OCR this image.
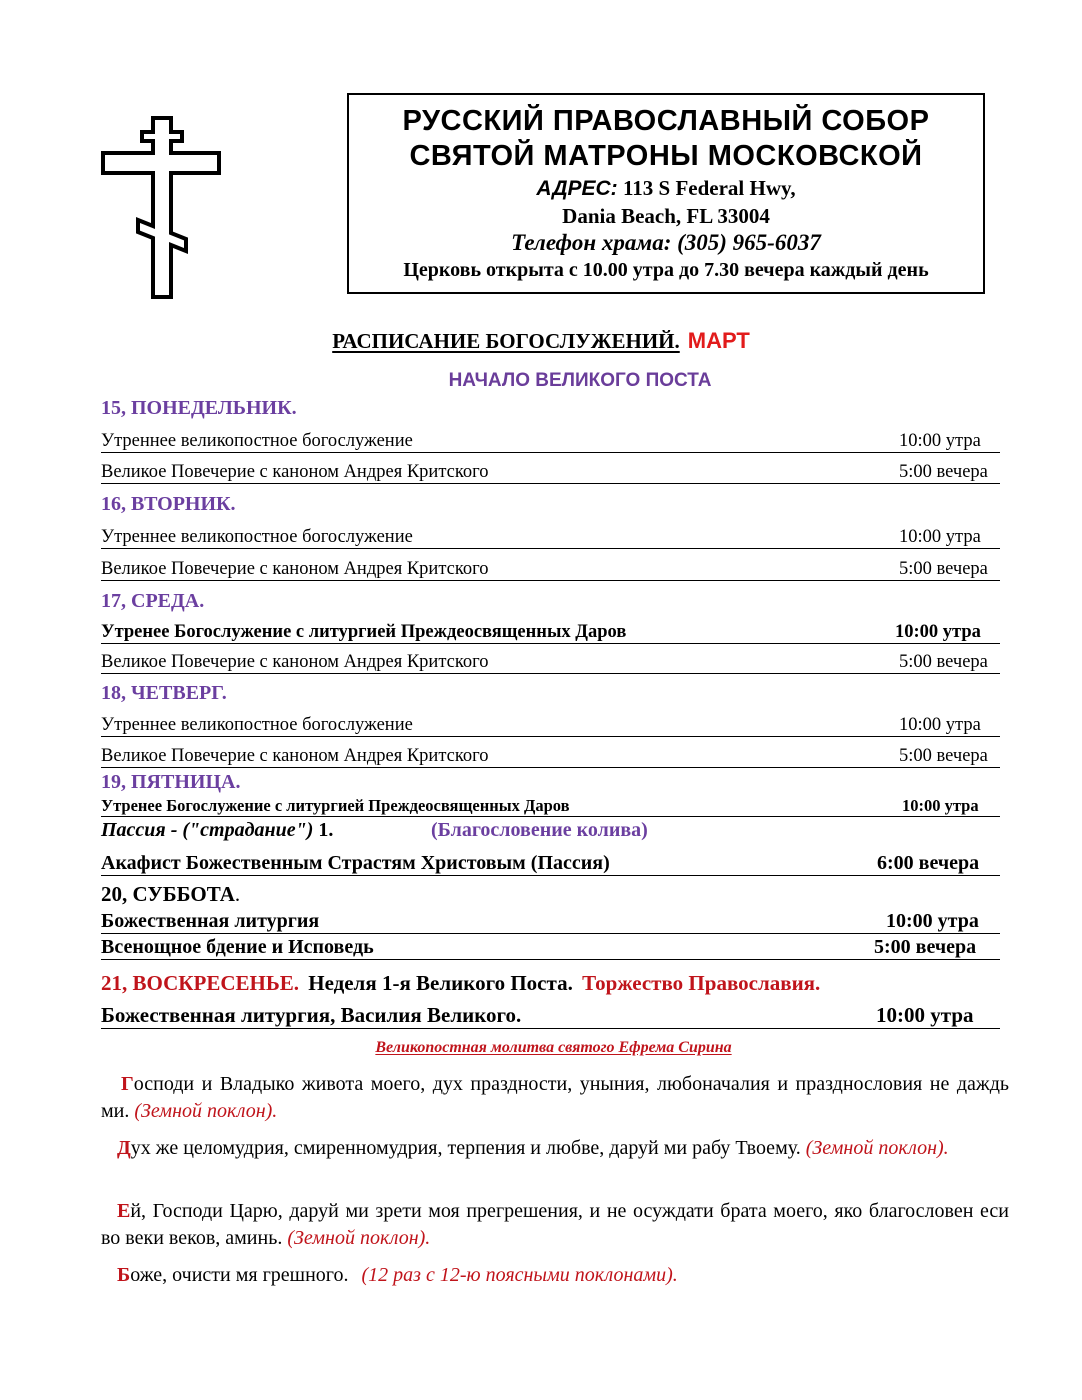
РУССКИЙ ПРАВОСЛАВНЫЙ СОБОР
СВЯТОЙ МАТРОНЫ МОСКОВСКОЙ
АДРЕС: 113 S Federal Hwy,
Dania Beach, FL 33004
Телефон храма: (305) 965-6037
Церковь открыта с 10.00 утра до 7.30 вечера каждый день
РАСПИСАНИЕ БОГОСЛУЖЕНИЙ. МАРТ
НАЧАЛО ВЕЛИКОГО ПОСТА
15, ПОНЕДЕЛЬНИК.
Утреннее великопостное богослужение	10:00 утра
Великое Повечерие с каноном Андрея Критского	5:00 вечера
16, ВТОРНИК.
Утреннее великопостное богослужение	10:00 утра
Великое Повечерие с каноном Андрея Критского	5:00 вечера
17, СРЕДА.
Утренее Богослужение с литургией Преждеосвященных Даров	10:00 утра
Великое Повечерие с каноном Андрея Критского	5:00 вечера
18, ЧЕТВЕРГ.
Утреннее великопостное богослужение	10:00 утра
Великое Повечерие с каноном Андрея Критского	5:00 вечера
19, ПЯТНИЦА.
Утренее Богослужение с литургией Преждеосвященных Даров	10:00 утра
Пассия - ("страдание") 1.	(Благословение колива)
Акафист Божественным Страстям Христовым (Пассия)	6:00 вечера
20, СУББОТА.
Божественная литургия	10:00 утра
Всенощное бдение и Исповедь	5:00 вечера
21, ВОСКРЕСЕНЬЕ. Неделя 1-я Великого Поста. Торжество Православия.
Божественная литургия, Василия Великого.	10:00 утра
Великопостная молитва святого Ефрема Сирина
Господи и Владыко живота моего, дух праздности, уныния, любоначалия и празднословия не даждь ми. (Земной поклон).
Дух же целомудрия, смиренномудрия, терпения и любве, даруй ми рабу Твоему. (Земной поклон).
Ей, Господи Царю, даруй ми зрети моя прегрешения, и не осуждати брата моего, яко благословен еси во веки веков, аминь. (Земной поклон).
Боже, очисти мя грешного. (12 раз с 12-ю поясными поклонами).
